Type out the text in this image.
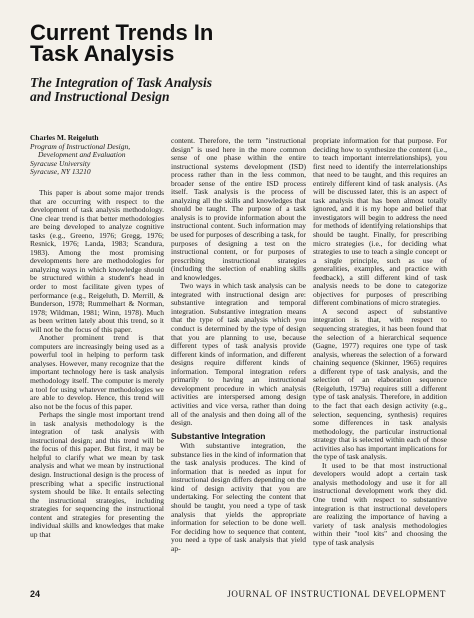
Current Trends In
Task Analysis
The Integration of Task Analysis
and Instructional Design
Charles M. Reigeluth
Program of Instructional Design,
Development and Evaluation
Syracuse University
Syracuse, NY 13210

This paper is about some major trends that are occurring with respect to the development of task analysis methodology. One clear trend is that better methodologies are being developed to analyze cognitive tasks (e.g., Greeno, 1976; Gregg, 1976; Resnick, 1976; Landa, 1983; Scandura, 1983). Among the most promising developments here are methodologies for analyzing ways in which knowledge should be structured within a student's head in order to most facilitate given types of performance (e.g., Reigeluth, D. Merrill, & Bunderson, 1978; Rummelhart & Norman, 1978; Wildman, 1981; Winn, 1978). Much as been written lately about this trend, so it will not be the focus of this paper.

Another prominent trend is that computers are increasingly being used as a powerful tool in helping to perform task analyses. However, many recognize that the important technology here is task analysis methodology itself. The computer is merely a tool for using whatever methodologies we are able to develop. Hence, this trend will also not be the focus of this paper.

Perhaps the single most important trend in task analysis methodology is the integration of task analysis with instructional design; and this trend will be the focus of this paper. But first, it may be helpful to clarify what we mean by task analysis and what we mean by instructional design. Instructional design is the process of prescribing what a specific instructional system should be like. It entails selecting the instructional strategies, including strategies for sequencing the instructional content and strategies for presenting the individual skills and knowledges that make up that

content. Therefore, the term "instructional design" is used here in the more common sense of one phase within the entire instructional systems development (ISD) process rather than in the less common, broader sense of the entire ISD process itself. Task analysis is the process of analyzing all the skills and knowledges that should be taught. The purpose of a task analysis is to provide information about the instructional content. Such information may be used for purposes of describing a task, for purposes of designing a test on the instructional content, or for purposes of prescribing instructional strategies (including the selection of enabling skills and knowledges.

Two ways in which task analysis can be integrated with instructional design are: substantive integration and temporal integration. Substantive integration means that the type of task analysis which you conduct is determined by the type of design that you are planning to use, because different types of task analysis provide different kinds of information, and different designs require different kinds of information. Temporal integration refers primarily to having an instructional development procedure in which analysis activities are interspersed among design activities and vice versa, rather than doing all of the analysis and then doing all of the design.

Substantive Integration

With substantive integration, the substance lies in the kind of information that the task analysis produces. The kind of information that is needed as input for instructional design differs depending on the kind of design activity that you are undertaking. For selecting the content that should be taught, you need a type of task analysis that yields the appropriate information for selection to be done well. For deciding how to sequence that content, you need a type of task analysis that yield ap-

propriate information for that purpose. For deciding how to synthesize the content (i.e., to teach important interrelationships), you first need to identify the interrelationships that need to be taught, and this requires an entirely different kind of task analysis. (As will be discussed later, this is an aspect of task analysis that has been almost totally ignored, and it is my hope and belief that investigators will begin to address the need for methods of identifying relationships that should be taught. Finally, for prescribing micro strategies (i.e., for deciding what strategies to use to teach a single concept or a single principle, such as use of generalities, examples, and practice with feedback), a still different kind of task analysis needs to be done to categorize objectives for purposes of prescribing different combinations of micro strategies.

A second aspect of substantive integration is that, with respect to sequencing strategies, it has been found that the selection of a hierarchical sequence (Gagne, 1977) requires one type of task analysis, whereas the selection of a forward chaining sequence (Skinner, 1965) requires a different type of task analysis, and the selection of an elaboration sequence (Reigeluth, 1979a) requires still a different type of task analysis. Therefore, in addition to the fact that each design activity (e.g., selection, sequencing, synthesis) requires some differences in task analysis methodology, the particular instructional strategy that is selected within each of those activities also has important implications for the type of task analysis.

It used to be that most instructional developers would adopt a certain task analysis methodology and use it for all instructional development work they did. One trend with respect to substantive integration is that instructional developers are realizing the importance of having a variety of task analysis methodologies within their "tool kits" and choosing the type of task analysis

24	JOURNAL OF INSTRUCTIONAL DEVELOPMENT
